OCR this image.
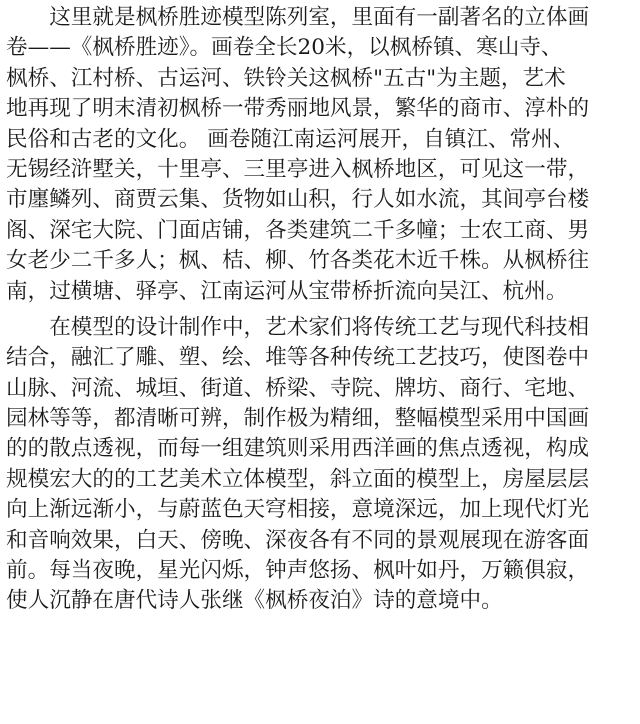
　　这里就是枫桥胜迹模型陈列室，里面有一副著名的立体画
卷——《枫桥胜迹》。画卷全长20米，以枫桥镇、寒山寺、
枫桥、江村桥、古运河、铁铃关这枫桥"五古"为主题，艺术
地再现了明末清初枫桥一带秀丽地风景，繁华的商市、淳朴的
民俗和古老的文化。 画卷随江南运河展开，自镇江、常州、
无锡经浒墅关，十里亭、三里亭进入枫桥地区，可见这一带，
市廛鳞列、商贾云集、货物如山积，行人如水流，其间亭台楼
阁、深宅大院、门面店铺，各类建筑二千多幢；士农工商、男
女老少二千多人；枫、桔、柳、竹各类花木近千株。从枫桥往
南，过横塘、驿亭、江南运河从宝带桥折流向吴江、杭州。
　　在模型的设计制作中，艺术家们将传统工艺与现代科技相
结合，融汇了雕、塑、绘、堆等各种传统工艺技巧，使图卷中
山脉、河流、城垣、街道、桥梁、寺院、牌坊、商行、宅地、
园林等等，都清晰可辨，制作极为精细，整幅模型采用中国画
的的散点透视，而每一组建筑则采用西洋画的焦点透视，构成
规模宏大的的工艺美术立体模型，斜立面的模型上，房屋层层
向上渐远渐小，与蔚蓝色天穹相接，意境深远，加上现代灯光
和音响效果，白天、傍晚、深夜各有不同的景观展现在游客面
前。每当夜晚，星光闪烁，钟声悠扬、枫叶如丹，万籁俱寂，
使人沉静在唐代诗人张继《枫桥夜泊》诗的意境中。
